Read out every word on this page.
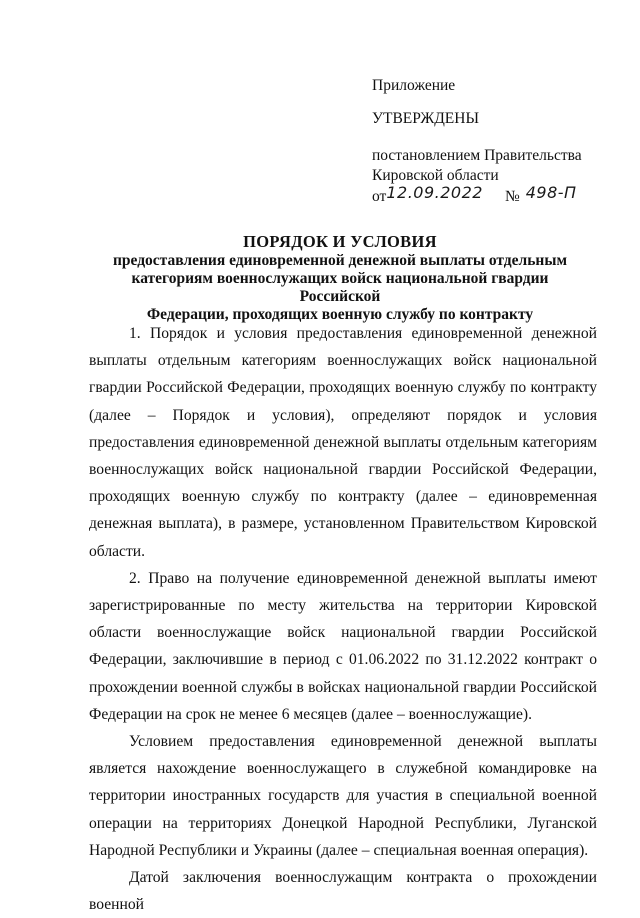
Приложение
УТВЕРЖДЕНЫ
постановлением Правительства
Кировской области
от12.09.2022 № 498-П
ПОРЯДОК И УСЛОВИЯ
предоставления единовременной денежной выплаты отдельным
категориям военнослужащих войск национальной гвардии Российской
Федерации, проходящих военную службу по контракту

1. Порядок и условия предоставления единовременной денежной выплаты отдельным категориям военнослужащих войск национальной гвардии Российской Федерации, проходящих военную службу по контракту (далее – Порядок и условия), определяют порядок и условия предоставления единовременной денежной выплаты отдельным категориям военнослужащих войск национальной гвардии Российской Федерации, проходящих военную службу по контракту (далее – единовременная денежная выплата), в размере, установленном Правительством Кировской области.

2. Право на получение единовременной денежной выплаты имеют зарегистрированные по месту жительства на территории Кировской области военнослужащие войск национальной гвардии Российской Федерации, заключившие в период с 01.06.2022 по 31.12.2022 контракт о прохождении военной службы в войсках национальной гвардии Российской Федерации на срок не менее 6 месяцев (далее – военнослужащие).

Условием предоставления единовременной денежной выплаты является нахождение военнослужащего в служебной командировке на территории иностранных государств для участия в специальной военной операции на территориях Донецкой Народной Республики, Луганской Народной Республики и Украины (далее – специальная военная операция).

Датой заключения военнослужащим контракта о прохождении военной
